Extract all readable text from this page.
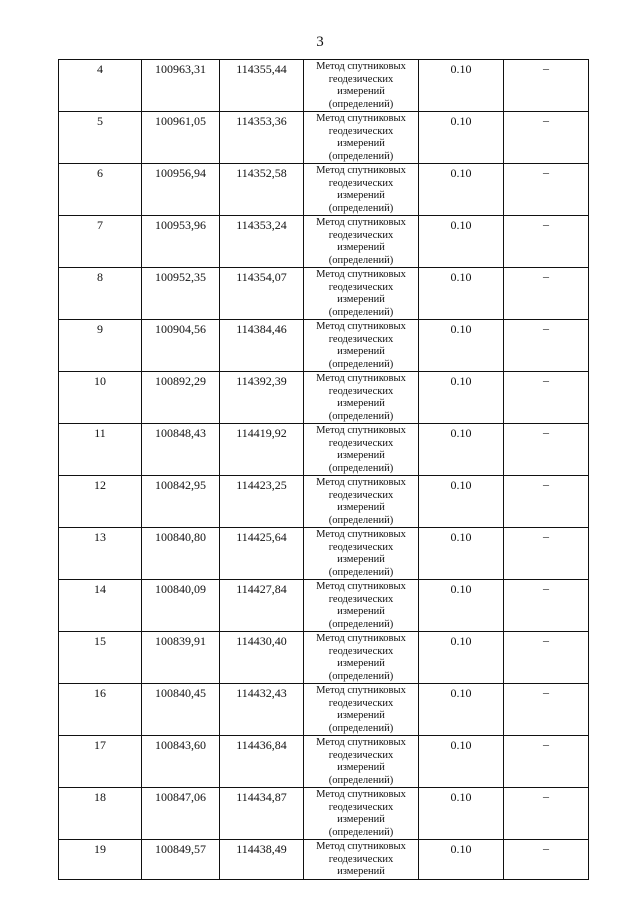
3
4	100963,31	114355,44	Метод спутниковых
геодезических
измерений
(определений)	0.10	–
5	100961,05	114353,36	Метод спутниковых
геодезических
измерений
(определений)	0.10	–
6	100956,94	114352,58	Метод спутниковых
геодезических
измерений
(определений)	0.10	–
7	100953,96	114353,24	Метод спутниковых
геодезических
измерений
(определений)	0.10	–
8	100952,35	114354,07	Метод спутниковых
геодезических
измерений
(определений)	0.10	–
9	100904,56	114384,46	Метод спутниковых
геодезических
измерений
(определений)	0.10	–
10	100892,29	114392,39	Метод спутниковых
геодезических
измерений
(определений)	0.10	–
11	100848,43	114419,92	Метод спутниковых
геодезических
измерений
(определений)	0.10	–
12	100842,95	114423,25	Метод спутниковых
геодезических
измерений
(определений)	0.10	–
13	100840,80	114425,64	Метод спутниковых
геодезических
измерений
(определений)	0.10	–
14	100840,09	114427,84	Метод спутниковых
геодезических
измерений
(определений)	0.10	–
15	100839,91	114430,40	Метод спутниковых
геодезических
измерений
(определений)	0.10	–
16	100840,45	114432,43	Метод спутниковых
геодезических
измерений
(определений)	0.10	–
17	100843,60	114436,84	Метод спутниковых
геодезических
измерений
(определений)	0.10	–
18	100847,06	114434,87	Метод спутниковых
геодезических
измерений
(определений)	0.10	–
19	100849,57	114438,49	Метод спутниковых
геодезических
измерений	0.10	–
